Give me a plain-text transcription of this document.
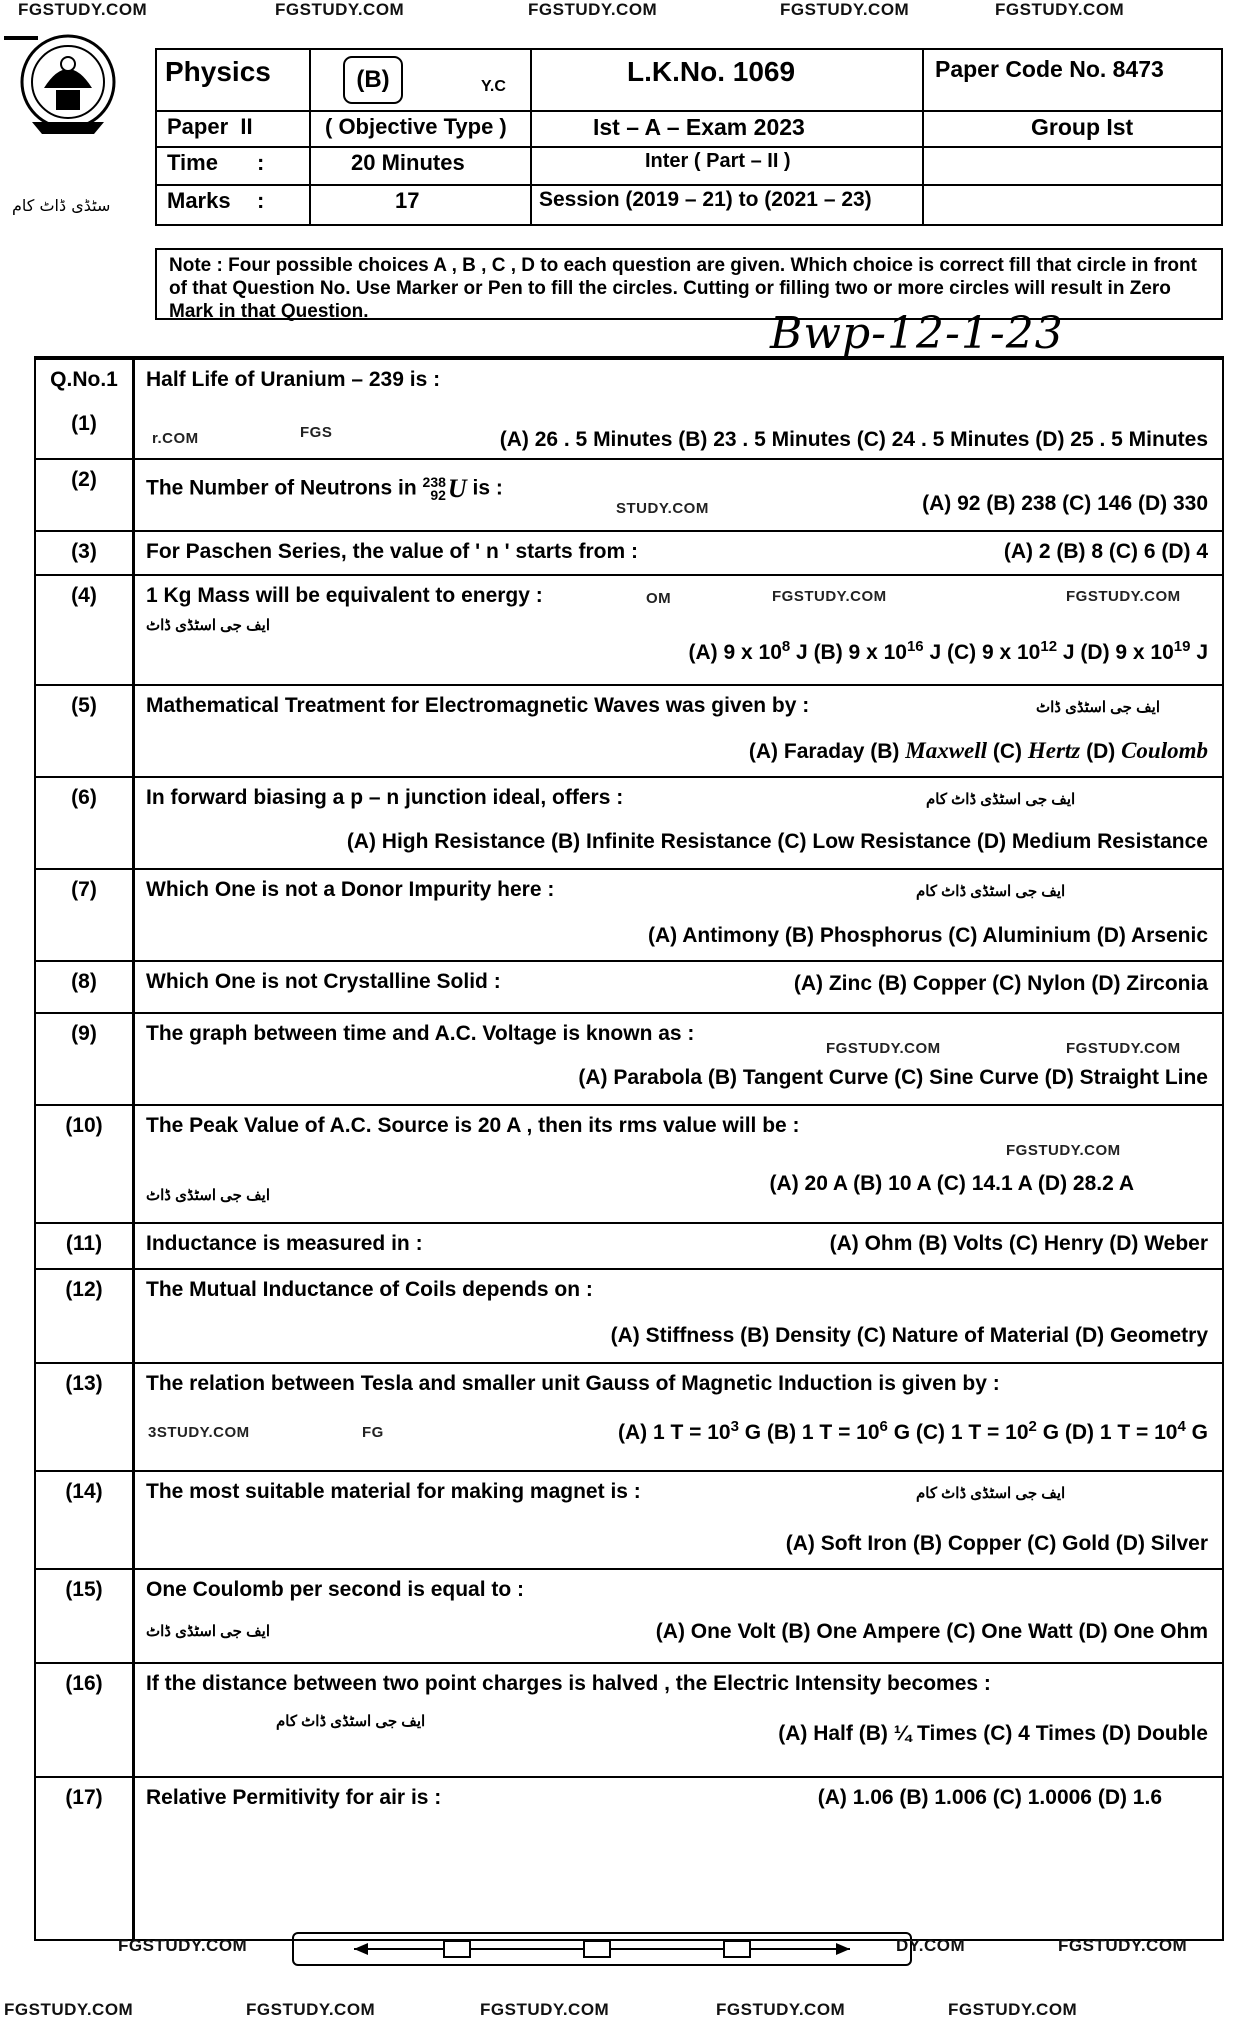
FGSTUDY.COM	FGSTUDY.COM	FGSTUDY.COM	FGSTUDY.COM	FGSTUDY.COM
سٹڈی ڈاٹ کام
Physics	(B)	Y.C	L.K.No. 1069	Paper Code No. 8473
Paper II	( Objective Type )	Ist – A – Exam 2023	Group Ist
Time :	20 Minutes	Inter ( Part – II )
Marks :	17	Session (2019 – 21) to (2021 – 23)
Note : Four possible choices A , B , C , D to each question are given. Which choice is correct fill that circle in front of that Question No. Use Marker or Pen to fill the circles. Cutting or filling two or more circles will result in Zero Mark in that Question.	Bwp-12-1-23
Q.No.1	Half Life of Uranium – 239 is :
(1)
r.COM	FGS	(A) 26 . 5 Minutes (B) 23 . 5 Minutes (C) 24 . 5 Minutes (D) 25 . 5 Minutes
(2)	The Number of Neutrons in 238
92U is :
STUDY.COM	(A) 92 (B) 238 (C) 146 (D) 330
(3)	For Paschen Series, the value of ' n ' starts from :	(A) 2 (B) 8 (C) 6 (D) 4
(4)	1 Kg Mass will be equivalent to energy :	OM	FGSTUDY.COM	FGSTUDY.COM
ایف جی اسٹڈی ڈاٹ
(A) 9 x $10^8$ J (B) 9 x $10^{16}$ J (C) 9 x $10^{12}$ J (D) 9 x $10^{19}$ J
(5)	Mathematical Treatment for Electromagnetic Waves was given by :	ایف جی اسٹڈی ڈاٹ
(A) Faraday (B) Maxwell (C) Hertz (D) Coulomb
(6)	In forward biasing a p – n junction ideal, offers :	ایف جی اسٹڈی ڈاٹ کام
(A) High Resistance (B) Infinite Resistance (C) Low Resistance (D) Medium Resistance
(7)	Which One is not a Donor Impurity here :	ایف جی اسٹڈی ڈاٹ کام
(A) Antimony (B) Phosphorus (C) Aluminium (D) Arsenic
(8)	Which One is not Crystalline Solid :	(A) Zinc (B) Copper (C) Nylon (D) Zirconia
(9)	The graph between time and A.C. Voltage is known as :
FGSTUDY.COM	FGSTUDY.COM
(A) Parabola (B) Tangent Curve (C) Sine Curve (D) Straight Line
(10)	The Peak Value of A.C. Source is 20 A , then its rms value will be :
FGSTUDY.COM
ایف جی اسٹڈی ڈاٹ
(A) 20 A (B) 10 A (C) 14.1 A (D) 28.2 A
(11)	Inductance is measured in :	(A) Ohm (B) Volts (C) Henry (D) Weber
(12)	The Mutual Inductance of Coils depends on :
(A) Stiffness (B) Density (C) Nature of Material (D) Geometry
(13)	The relation between Tesla and smaller unit Gauss of Magnetic Induction is given by :
3STUDY.COM	FG	(A) 1 $T = 10^3$ G (B) 1 $T = 10^6$ G (C) 1 $T = 10^2$ G (D) 1 $T = 10^4$ G
(14)	The most suitable material for making magnet is :	ایف جی اسٹڈی ڈاٹ کام
(A) Soft Iron (B) Copper (C) Gold (D) Silver
(15)	One Coulomb per second is equal to :
ایف جی اسٹڈی ڈاٹ	(A) One Volt (B) One Ampere (C) One Watt (D) One Ohm
(16)	If the distance between two point charges is halved , the Electric Intensity becomes :
ایف جی اسٹڈی ڈاٹ کام
(A) Half (B) ¼ Times (C) 4 Times (D) Double
(17)	Relative Permitivity for air is :	(A) 1.06 (B) 1.006 (C) 1.0006 (D) 1.6
FGSTUDY.COM	DY.COM	FGSTUDY.COM
FGSTUDY.COM	FGSTUDY.COM	FGSTUDY.COM	FGSTUDY.COM	FGSTUDY.COM
